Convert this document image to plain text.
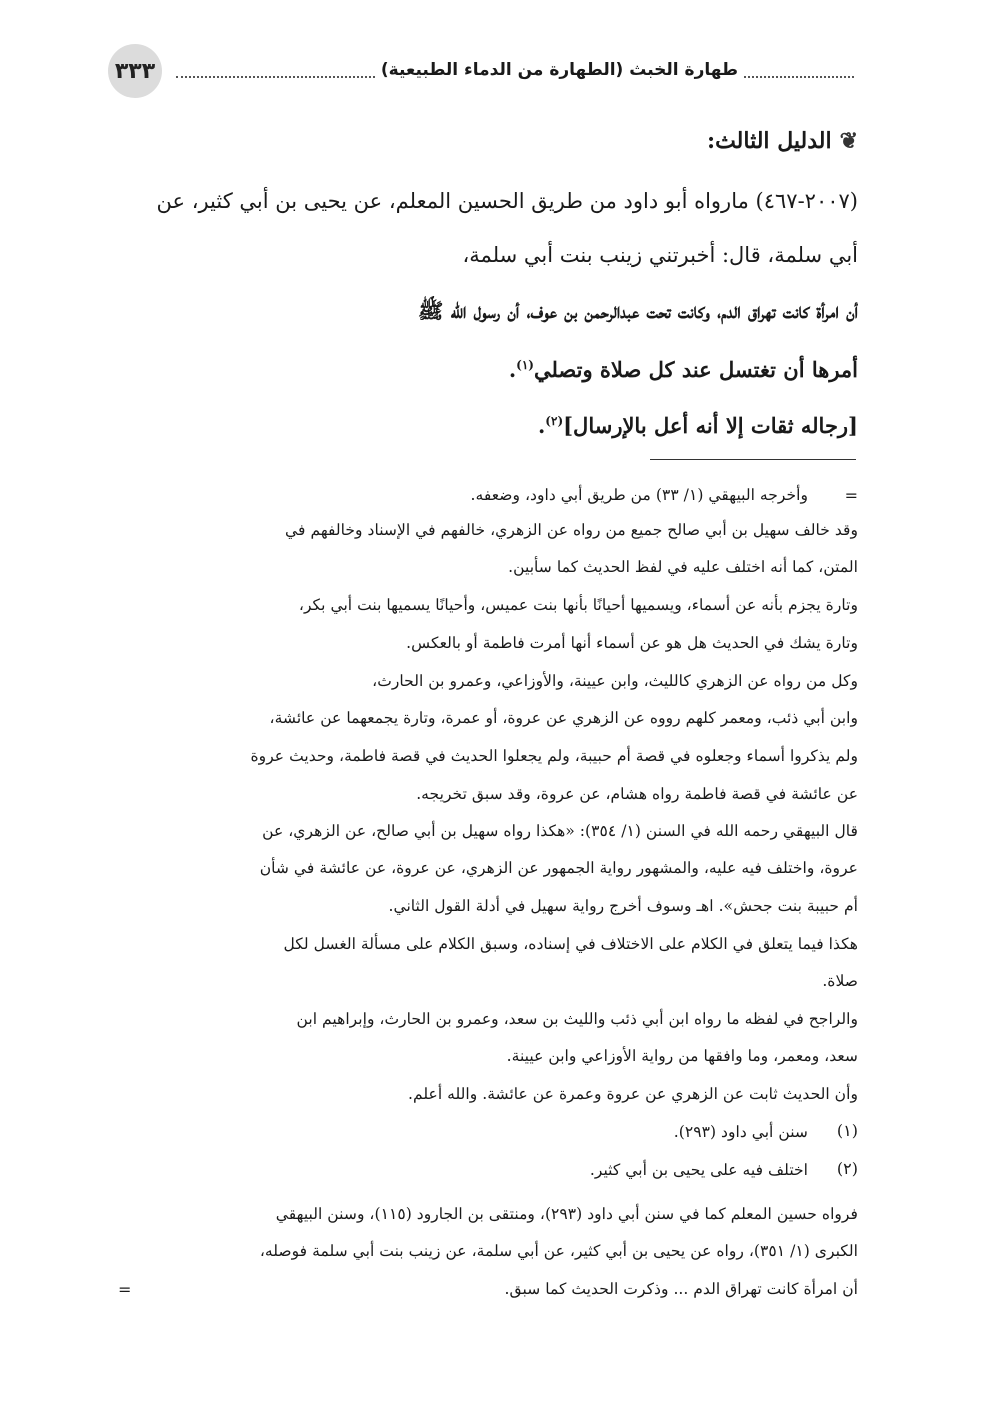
٣٣٣	طهارة الخبث (الطهارة من الدماء الطبيعية)
❦
الدليل الثالث:
(٢٠٠٧-٤٦٧) مارواه أبو داود من طريق الحسين المعلم، عن يحيى بن أبي كثير، عن
أبي سلمة، قال: أخبرتني زينب بنت أبي سلمة،
أن امرأة كانت تهراق الدم، وكانت تحت عبدالرحمن بن عوف، أن رسول الله ﷺ
أمرها أن تغتسل عند كل صلاة وتصلي$^{(١)}$.
[رجاله ثقات إلا أنه أعل بالإرسال]$^{(٢)}$.
=
وأخرجه البيهقي (١/ ٣٣) من طريق أبي داود، وضعفه.
وقد خالف سهيل بن أبي صالح جميع من رواه عن الزهري، خالفهم في الإسناد وخالفهم في
المتن، كما أنه اختلف عليه في لفظ الحديث كما سأبين.
وتارة يجزم بأنه عن أسماء، ويسميها أحيانًا بأنها بنت عميس، وأحيانًا يسميها بنت أبي بكر،
وتارة يشك في الحديث هل هو عن أسماء أنها أمرت فاطمة أو بالعكس.
وكل من رواه عن الزهري كالليث، وابن عيينة، والأوزاعي، وعمرو بن الحارث،
وابن أبي ذئب، ومعمر كلهم رووه عن الزهري عن عروة، أو عمرة، وتارة يجمعهما عن عائشة،
ولم يذكروا أسماء وجعلوه في قصة أم حبيبة، ولم يجعلوا الحديث في قصة فاطمة، وحديث عروة
عن عائشة في قصة فاطمة رواه هشام، عن عروة، وقد سبق تخريجه.
قال البيهقي رحمه الله في السنن (١/ ٣٥٤): «هكذا رواه سهيل بن أبي صالح، عن الزهري، عن
عروة، واختلف فيه عليه، والمشهور رواية الجمهور عن الزهري، عن عروة، عن عائشة في شأن
أم حبيبة بنت جحش». اهـ وسوف أخرج رواية سهيل في أدلة القول الثاني.
هكذا فيما يتعلق في الكلام على الاختلاف في إسناده، وسبق الكلام على مسألة الغسل لكل
صلاة.
والراجح في لفظه ما رواه ابن أبي ذئب والليث بن سعد، وعمرو بن الحارث، وإبراهيم ابن
سعد، ومعمر، وما وافقها من رواية الأوزاعي وابن عيينة.
وأن الحديث ثابت عن الزهري عن عروة وعمرة عن عائشة. والله أعلم.
(١)
سنن أبي داود (٢٩٣).
(٢)
اختلف فيه على يحيى بن أبي كثير.
فرواه حسين المعلم كما في سنن أبي داود (٢٩٣)، ومنتقى بن الجارود (١١٥)، وسنن البيهقي
الكبرى (١/ ٣٥١)، رواه عن يحيى بن أبي كثير، عن أبي سلمة، عن زينب بنت أبي سلمة فوصله،
أن امرأة كانت تهراق الدم ... وذكرت الحديث كما سبق.
=
